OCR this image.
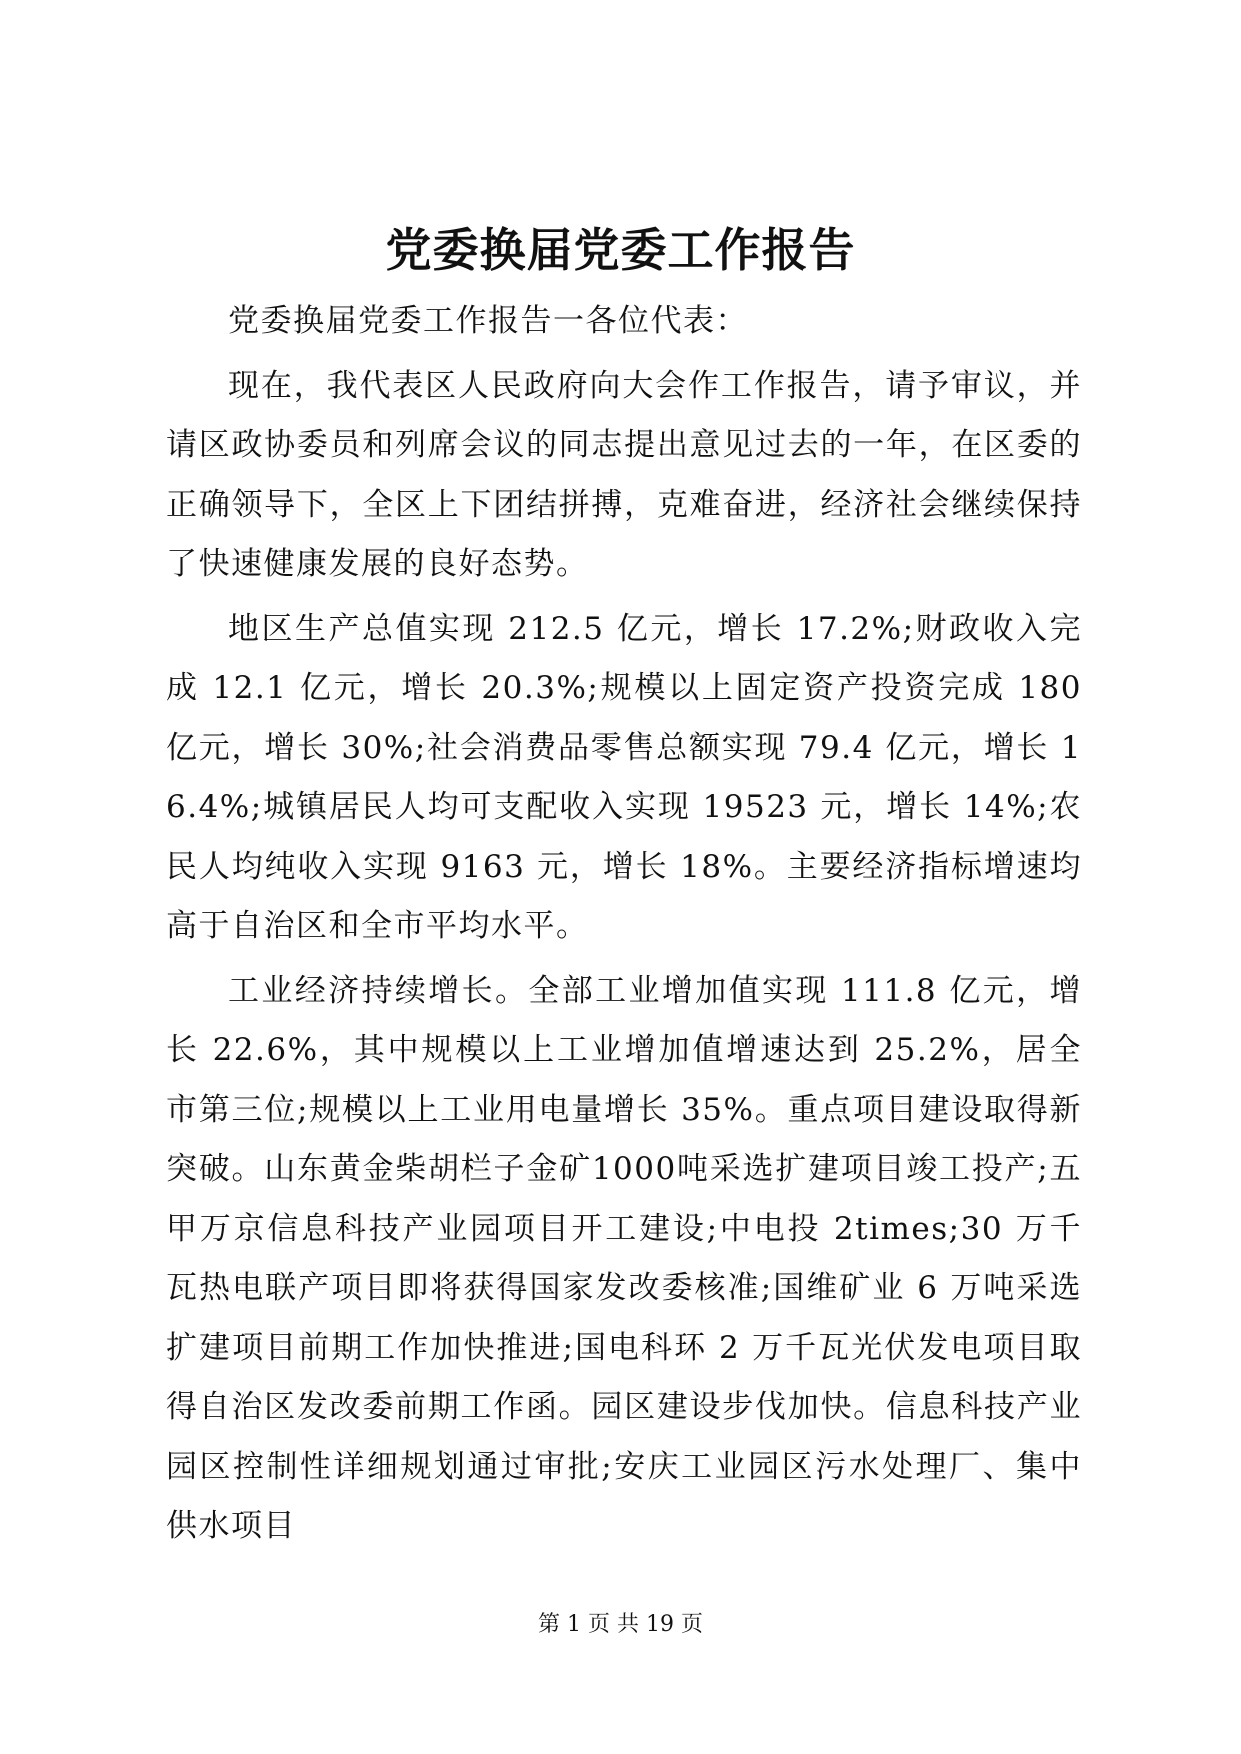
党委换届党委工作报告

党委换届党委工作报告一各位代表：

现在，我代表区人民政府向大会作工作报告，请予审议，并请区政协委员和列席会议的同志提出意见过去的一年，在区委的正确领导下，全区上下团结拼搏，克难奋进，经济社会继续保持了快速健康发展的良好态势。

地区生产总值实现 212.5 亿元，增长 17.2%;财政收入完成 12.1 亿元，增长 20.3%;规模以上固定资产投资完成 180 亿元，增长 30%;社会消费品零售总额实现 79.4 亿元，增长 16.4%;城镇居民人均可支配收入实现 19523 元，增长 14%;农民人均纯收入实现 9163 元，增长 18%。主要经济指标增速均高于自治区和全市平均水平。

工业经济持续增长。全部工业增加值实现 111.8 亿元，增长 22.6%，其中规模以上工业增加值增速达到 25.2%，居全市第三位;规模以上工业用电量增长 35%。重点项目建设取得新突破。山东黄金柴胡栏子金矿1000吨采选扩建项目竣工投产;五甲万京信息科技产业园项目开工建设;中电投 2times;30 万千瓦热电联产项目即将获得国家发改委核准;国维矿业 6 万吨采选扩建项目前期工作加快推进;国电科环 2 万千瓦光伏发电项目取得自治区发改委前期工作函。园区建设步伐加快。信息科技产业园区控制性详细规划通过审批;安庆工业园区污水处理厂、集中供水项目

第 1 页 共 19 页
